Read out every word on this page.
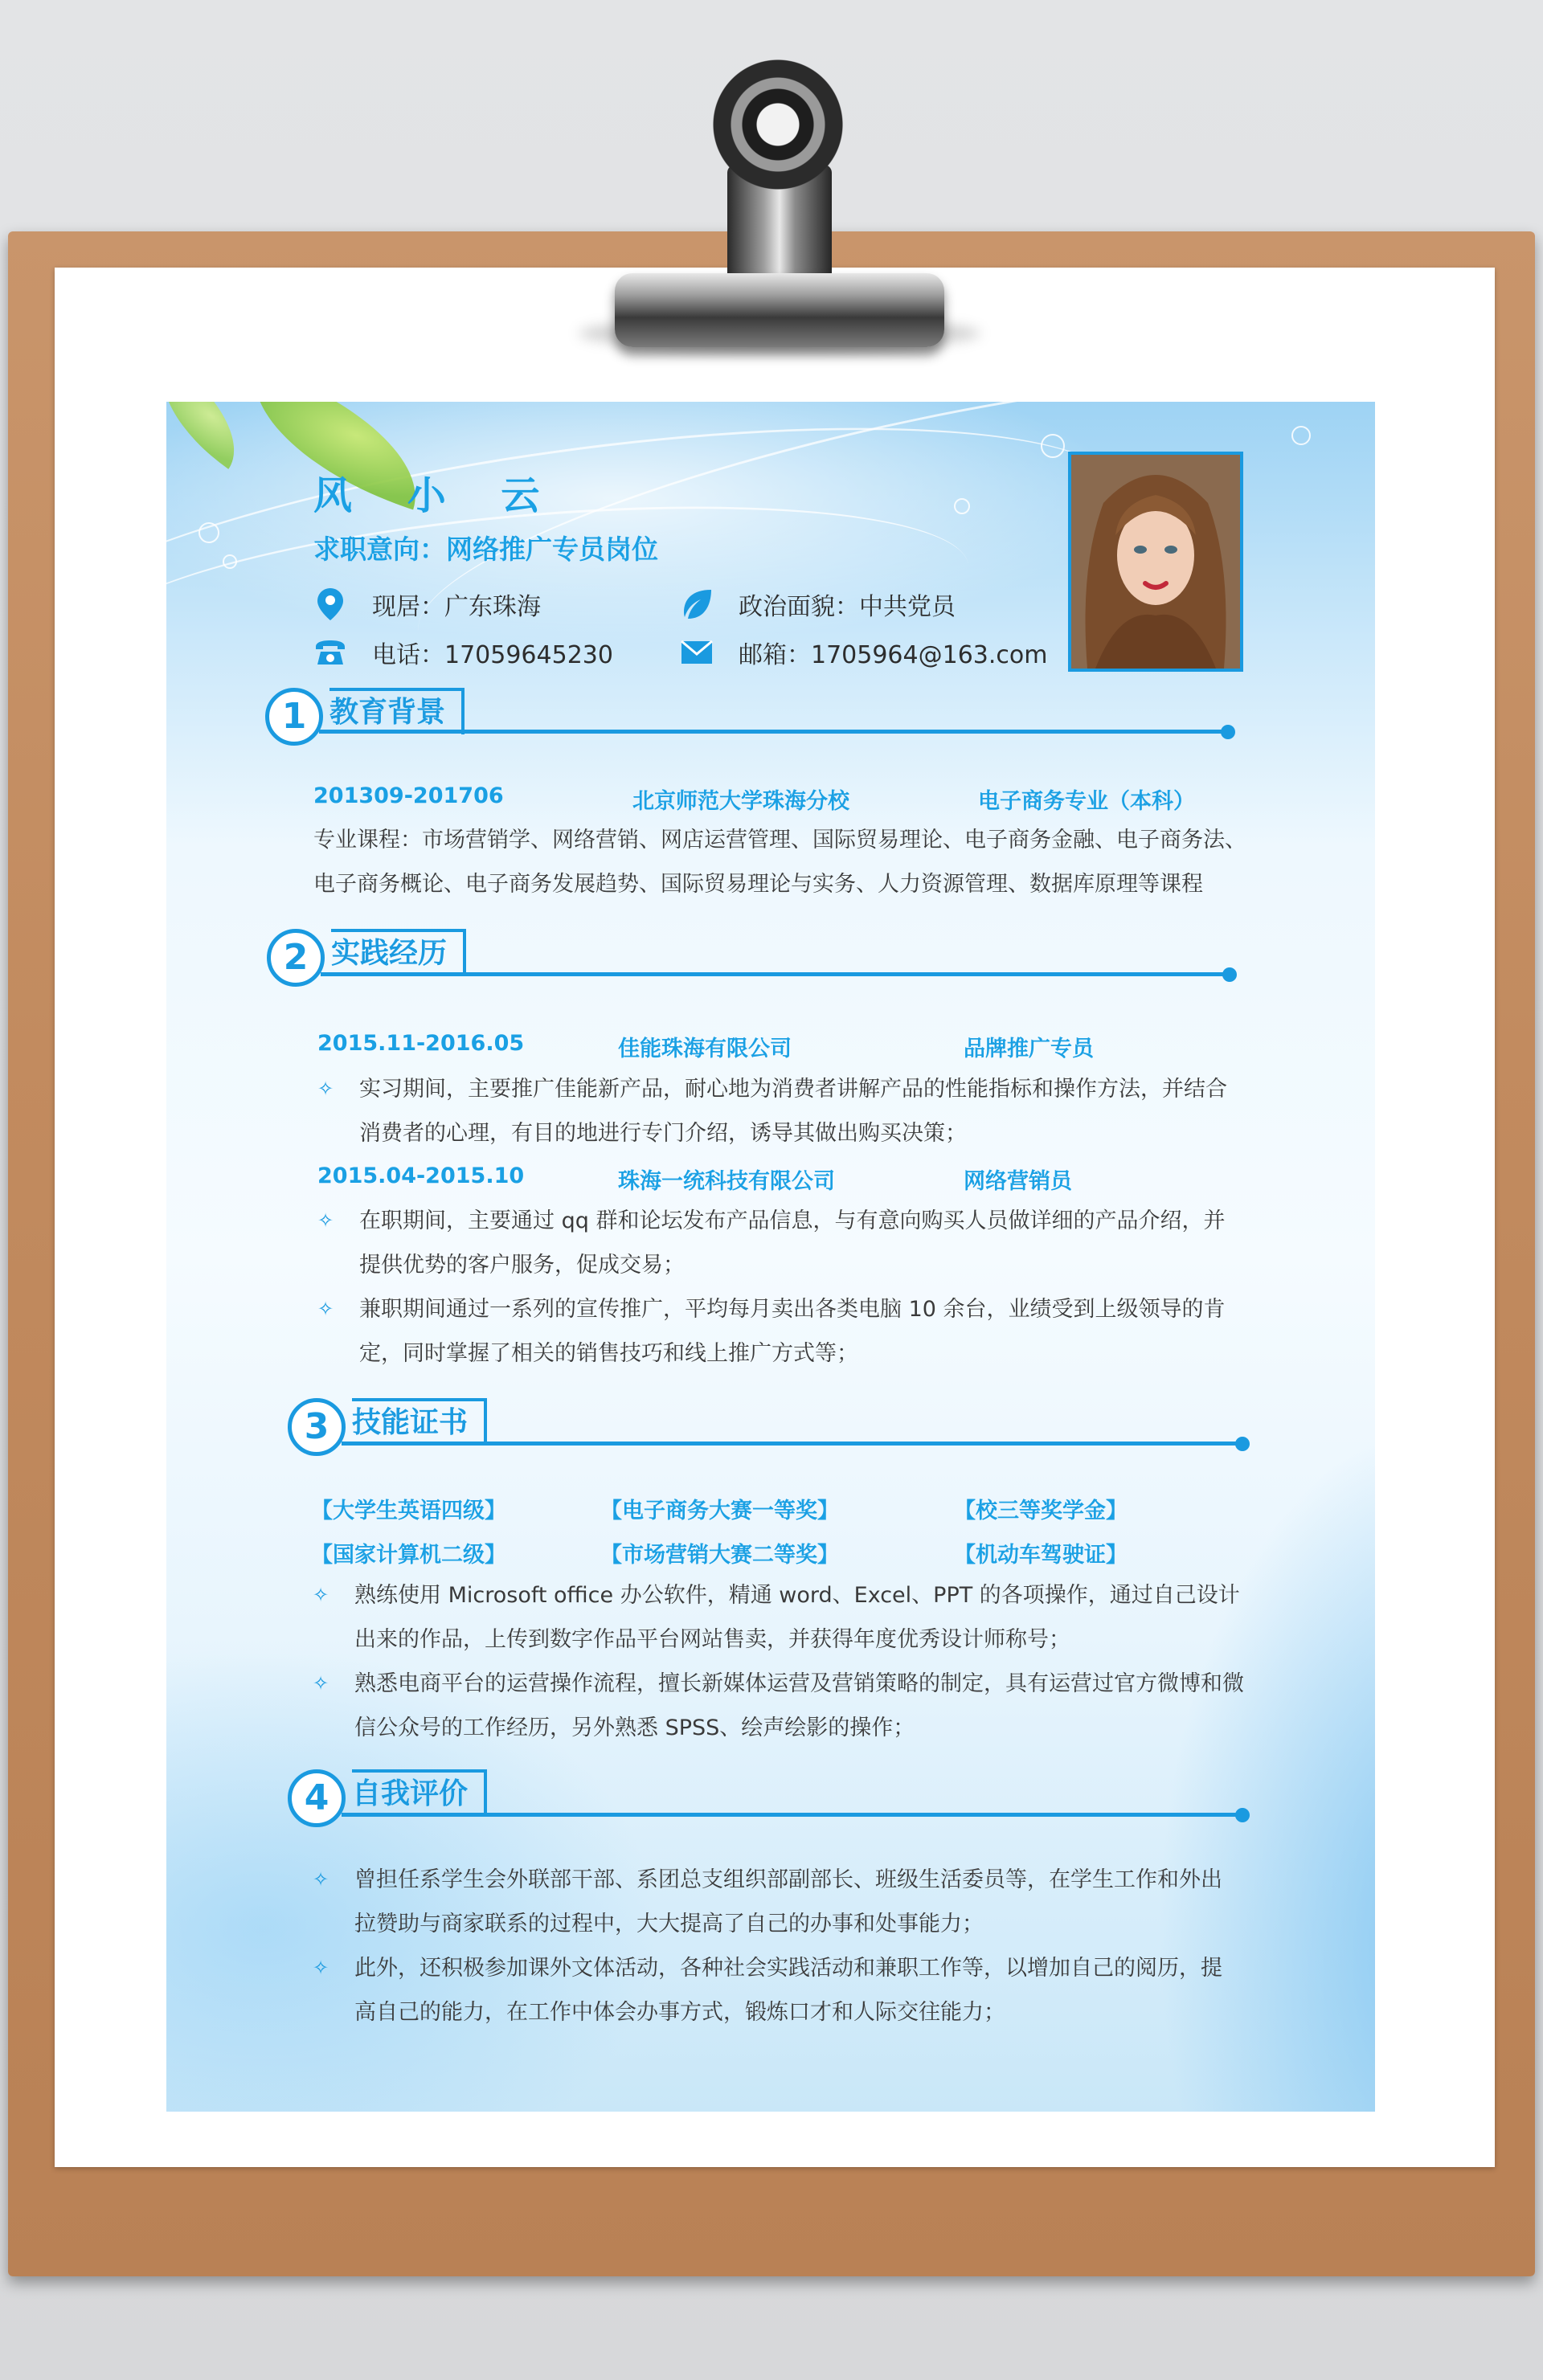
风 小 云
求职意向：网络推广专员岗位
现居：广东珠海	政治面貌：中共党员
电话：17059645230	邮箱：1705964@163.com
1 教育背景
201309-201706	北京师范大学珠海分校	电子商务专业（本科）
专业课程：市场营销学、网络营销、网店运营管理、国际贸易理论、电子商务金融、电子商务法、
电子商务概论、电子商务发展趋势、国际贸易理论与实务、人力资源管理、数据库原理等课程
2 实践经历
2015.11-2016.05	佳能珠海有限公司	品牌推广专员
✧ 实习期间，主要推广佳能新产品，耐心地为消费者讲解产品的性能指标和操作方法，并结合
消费者的心理，有目的地进行专门介绍，诱导其做出购买决策；
2015.04-2015.10	珠海一统科技有限公司	网络营销员
✧ 在职期间，主要通过 qq 群和论坛发布产品信息，与有意向购买人员做详细的产品介绍，并
提供优势的客户服务，促成交易；
✧ 兼职期间通过一系列的宣传推广，平均每月卖出各类电脑 10 余台，业绩受到上级领导的肯
定，同时掌握了相关的销售技巧和线上推广方式等；
3 技能证书
【大学生英语四级】	【电子商务大赛一等奖】	【校三等奖学金】
【国家计算机二级】	【市场营销大赛二等奖】	【机动车驾驶证】
✧ 熟练使用 Microsoft office 办公软件，精通 word、Excel、PPT 的各项操作，通过自己设计
出来的作品，上传到数字作品平台网站售卖，并获得年度优秀设计师称号；
✧ 熟悉电商平台的运营操作流程，擅长新媒体运营及营销策略的制定，具有运营过官方微博和微
信公众号的工作经历，另外熟悉 SPSS、绘声绘影的操作；
4 自我评价
✧ 曾担任系学生会外联部干部、系团总支组织部副部长、班级生活委员等，在学生工作和外出
拉赞助与商家联系的过程中，大大提高了自己的办事和处事能力；
✧ 此外，还积极参加课外文体活动，各种社会实践活动和兼职工作等，以增加自己的阅历，提
高自己的能力，在工作中体会办事方式，锻炼口才和人际交往能力；
